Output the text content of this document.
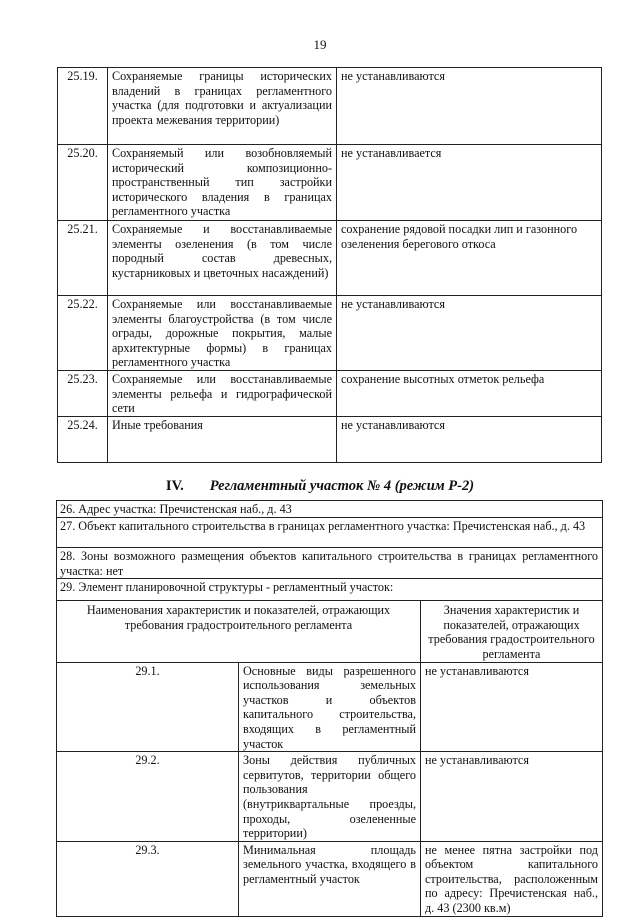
19
25.19.	Сохраняемые границы исторических владений в границах регламентного участка (для подготовки и актуализации проекта межевания территории)	не устанавливаются
25.20.	Сохраняемый или возобновляемый исторический композиционно-пространственный тип застройки исторического владения в границах регламентного участка	не устанавливается
25.21.	Сохраняемые и восстанавливаемые элементы озеленения (в том числе породный состав древесных, кустарниковых и цветочных насаждений)	сохранение рядовой посадки лип и газонного озеленения берегового откоса
25.22.	Сохраняемые или восстанавливаемые элементы благоустройства (в том числе ограды, дорожные покрытия, малые архитектурные формы) в границах регламентного участка	не устанавливаются
25.23.	Сохраняемые или восстанавливаемые элементы рельефа и гидрографической сети	сохранение высотных отметок рельефа
25.24.	Иные требования	не устанавливаются
IV. Регламентный участок № 4 (режим Р-2)
26. Адрес участка: Пречистенская наб., д. 43		
27. Объект капитального строительства в границах регламентного участка: Пречистенская наб., д. 43		
28. Зоны возможного размещения объектов капитального строительства в границах регламентного участка: нет		
29. Элемент планировочной структуры - регламентный участок:		
Наименования характеристик и показателей, отражающих требования градостроительного регламента		Значения характеристик и показателей, отражающих требования градостроительного регламента
29.1.	Основные виды разрешенного использования земельных участков и объектов капитального строительства, входящих в регламентный участок	не устанавливаются
29.2.	Зоны действия публичных сервитутов, территории общего пользования (внутриквартальные проезды, проходы, озелененные территории)	не устанавливаются
29.3.	Минимальная площадь земельного участка, входящего в регламентный участок	не менее пятна застройки под объектом капитального строительства, расположенным по адресу: Пречистенская наб., д. 43 (2300 кв.м)
